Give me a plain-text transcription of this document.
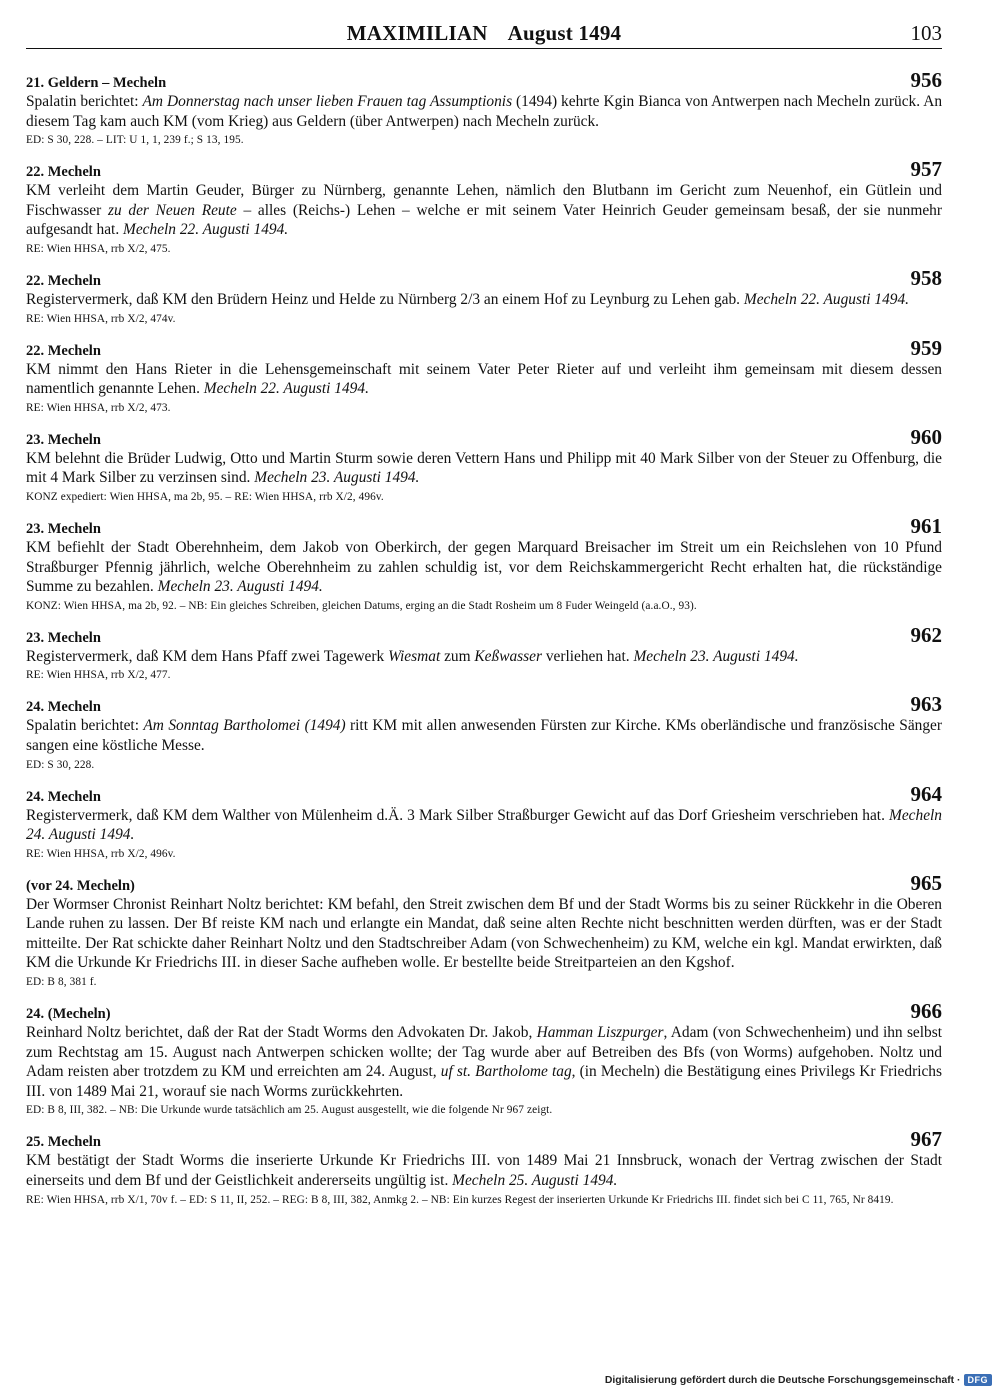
MAXIMILIAN August 1494	103
21. Geldern – Mecheln	956
Spalatin berichtet: Am Donnerstag nach unser lieben Frauen tag Assumptionis (1494) kehrte Kgin Bianca von Antwerpen nach Mecheln zurück. An diesem Tag kam auch KM (vom Krieg) aus Geldern (über Antwerpen) nach Mecheln zurück.
ED: S 30, 228. – LIT: U 1, 1, 239 f.; S 13, 195.
22. Mecheln	957
KM verleiht dem Martin Geuder, Bürger zu Nürnberg, genannte Lehen, nämlich den Blutbann im Gericht zum Neuenhof, ein Gütlein und Fischwasser zu der Neuen Reute – alles (Reichs-) Lehen – welche er mit seinem Vater Heinrich Geuder gemeinsam besaß, der sie nunmehr aufgesandt hat. Mecheln 22. Augusti 1494.
RE: Wien HHSA, rrb X/2, 475.
22. Mecheln	958
Registervermerk, daß KM den Brüdern Heinz und Helde zu Nürnberg 2/3 an einem Hof zu Leynburg zu Lehen gab. Mecheln 22. Augusti 1494.
RE: Wien HHSA, rrb X/2, 474v.
22. Mecheln	959
KM nimmt den Hans Rieter in die Lehensgemeinschaft mit seinem Vater Peter Rieter auf und verleiht ihm gemeinsam mit diesem dessen namentlich genannte Lehen. Mecheln 22. Augusti 1494.
RE: Wien HHSA, rrb X/2, 473.
23. Mecheln	960
KM belehnt die Brüder Ludwig, Otto und Martin Sturm sowie deren Vettern Hans und Philipp mit 40 Mark Silber von der Steuer zu Offenburg, die mit 4 Mark Silber zu verzinsen sind. Mecheln 23. Augusti 1494.
KONZ expediert: Wien HHSA, ma 2b, 95. – RE: Wien HHSA, rrb X/2, 496v.
23. Mecheln	961
KM befiehlt der Stadt Oberehnheim, dem Jakob von Oberkirch, der gegen Marquard Breisacher im Streit um ein Reichslehen von 10 Pfund Straßburger Pfennig jährlich, welche Oberehnheim zu zahlen schuldig ist, vor dem Reichskammergericht Recht erhalten hat, die rückständige Summe zu bezahlen. Mecheln 23. Augusti 1494.
KONZ: Wien HHSA, ma 2b, 92. – NB: Ein gleiches Schreiben, gleichen Datums, erging an die Stadt Rosheim um 8 Fuder Weingeld (a.a.O., 93).
23. Mecheln	962
Registervermerk, daß KM dem Hans Pfaff zwei Tagewerk Wiesmat zum Keßwasser verliehen hat. Mecheln 23. Augusti 1494.
RE: Wien HHSA, rrb X/2, 477.
24. Mecheln	963
Spalatin berichtet: Am Sonntag Bartholomei (1494) ritt KM mit allen anwesenden Fürsten zur Kirche. KMs oberländische und französische Sänger sangen eine köstliche Messe.
ED: S 30, 228.
24. Mecheln	964
Registervermerk, daß KM dem Walther von Mülenheim d.Ä. 3 Mark Silber Straßburger Gewicht auf das Dorf Griesheim verschrieben hat. Mecheln 24. Augusti 1494.
RE: Wien HHSA, rrb X/2, 496v.
(vor 24. Mecheln)	965
Der Wormser Chronist Reinhart Noltz berichtet: KM befahl, den Streit zwischen dem Bf und der Stadt Worms bis zu seiner Rückkehr in die Oberen Lande ruhen zu lassen. Der Bf reiste KM nach und erlangte ein Mandat, daß seine alten Rechte nicht beschnitten werden dürften, was er der Stadt mitteilte. Der Rat schickte daher Reinhart Noltz und den Stadtschreiber Adam (von Schwechenheim) zu KM, welche ein kgl. Mandat erwirkten, daß KM die Urkunde Kr Friedrichs III. in dieser Sache aufheben wolle. Er bestellte beide Streitparteien an den Kgshof.
ED: B 8, 381 f.
24. (Mecheln)	966
Reinhard Noltz berichtet, daß der Rat der Stadt Worms den Advokaten Dr. Jakob, Hamman Liszpurger, Adam (von Schwechenheim) und ihn selbst zum Rechtstag am 15. August nach Antwerpen schicken wollte; der Tag wurde aber auf Betreiben des Bfs (von Worms) aufgehoben. Noltz und Adam reisten aber trotzdem zu KM und erreichten am 24. August, uf st. Bartholome tag, (in Mecheln) die Bestätigung eines Privilegs Kr Friedrichs III. von 1489 Mai 21, worauf sie nach Worms zurückkehrten.
ED: B 8, III, 382. – NB: Die Urkunde wurde tatsächlich am 25. August ausgestellt, wie die folgende Nr 967 zeigt.
25. Mecheln	967
KM bestätigt der Stadt Worms die inserierte Urkunde Kr Friedrichs III. von 1489 Mai 21 Innsbruck, wonach der Vertrag zwischen der Stadt einerseits und dem Bf und der Geistlichkeit andererseits ungültig ist. Mecheln 25. Augusti 1494.
RE: Wien HHSA, rrb X/1, 70v f. – ED: S 11, II, 252. – REG: B 8, III, 382, Anmkg 2. – NB: Ein kurzes Regest der inserierten Urkunde Kr Friedrichs III. findet sich bei C 11, 765, Nr 8419.
Digitalisierung gefördert durch die Deutsche Forschungsgemeinschaft · DFG
